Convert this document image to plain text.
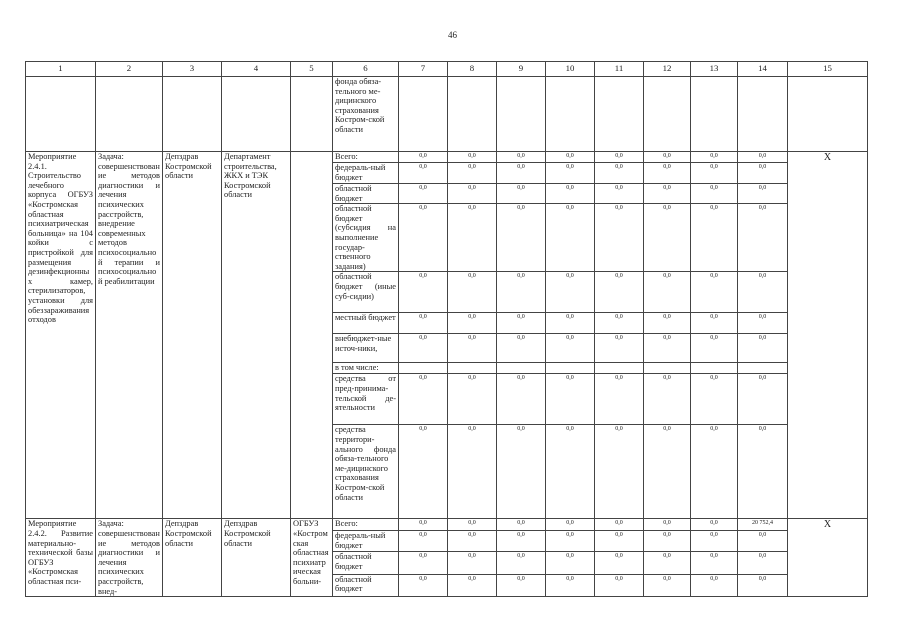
46
1	2	3	4	5	6	7	8	9	10	11	12	13	14	15
					фонда обяза-тельного ме-дицинского страхования Костром-ской области									
Мероприятие 2.4.1. Строительство лечебного корпуса ОГБУЗ «Костромская областная психиатрическая больница» на 104 койки с пристройкой для размещения дезинфекционных камер, стерилизаторов, установки для обеззараживания отходов	Задача: совершенствование методов диагностики и лечения психических расстройств, внедрение современных методов психосоциальной терапии и психосоциальной реабилитации	Депздрав Костромской области	Департамент строительства, ЖКХ и ТЭК Костромской области		Всего:	0,0	0,0	0,0	0,0	0,0	0,0	0,0	0,0	Х
					федераль-ный бюджет	0,0	0,0	0,0	0,0	0,0	0,0	0,0	0,0	
					областной бюджет	0,0	0,0	0,0	0,0	0,0	0,0	0,0	0,0	
					областной бюджет (субсидия на выполнение государ-ственного задания)	0,0	0,0	0,0	0,0	0,0	0,0	0,0	0,0	
					областной бюджет (иные суб-сидии)	0,0	0,0	0,0	0,0	0,0	0,0	0,0	0,0	
					местный бюджет	0,0	0,0	0,0	0,0	0,0	0,0	0,0	0,0	
					внебюджет-ные источ-ники,	0,0	0,0	0,0	0,0	0,0	0,0	0,0	0,0	
					в том числе:									
					средства от пред-принима-тельской де-ятельности	0,0	0,0	0,0	0,0	0,0	0,0	0,0	0,0	
					средства территори-ального фонда обяза-тельного ме-дицинского страхования Костром-ской области	0,0	0,0	0,0	0,0	0,0	0,0	0,0	0,0	
Мероприятие 2.4.2. Развитие материально-технической базы ОГБУЗ «Костромская областная пси-	Задача: совершенствование методов диагностики и лечения психических расстройств, внед-	Депздрав Костромской области	Депздрав Костромской области	ОГБУЗ «Костромская областная психиатрическая больни-	Всего:	0,0	0,0	0,0	0,0	0,0	0,0	0,0	20 752,4	Х
					федераль-ный бюджет	0,0	0,0	0,0	0,0	0,0	0,0	0,0	0,0	
					областной бюджет	0,0	0,0	0,0	0,0	0,0	0,0	0,0	0,0	
					областной бюджет	0,0	0,0	0,0	0,0	0,0	0,0	0,0	0,0	
